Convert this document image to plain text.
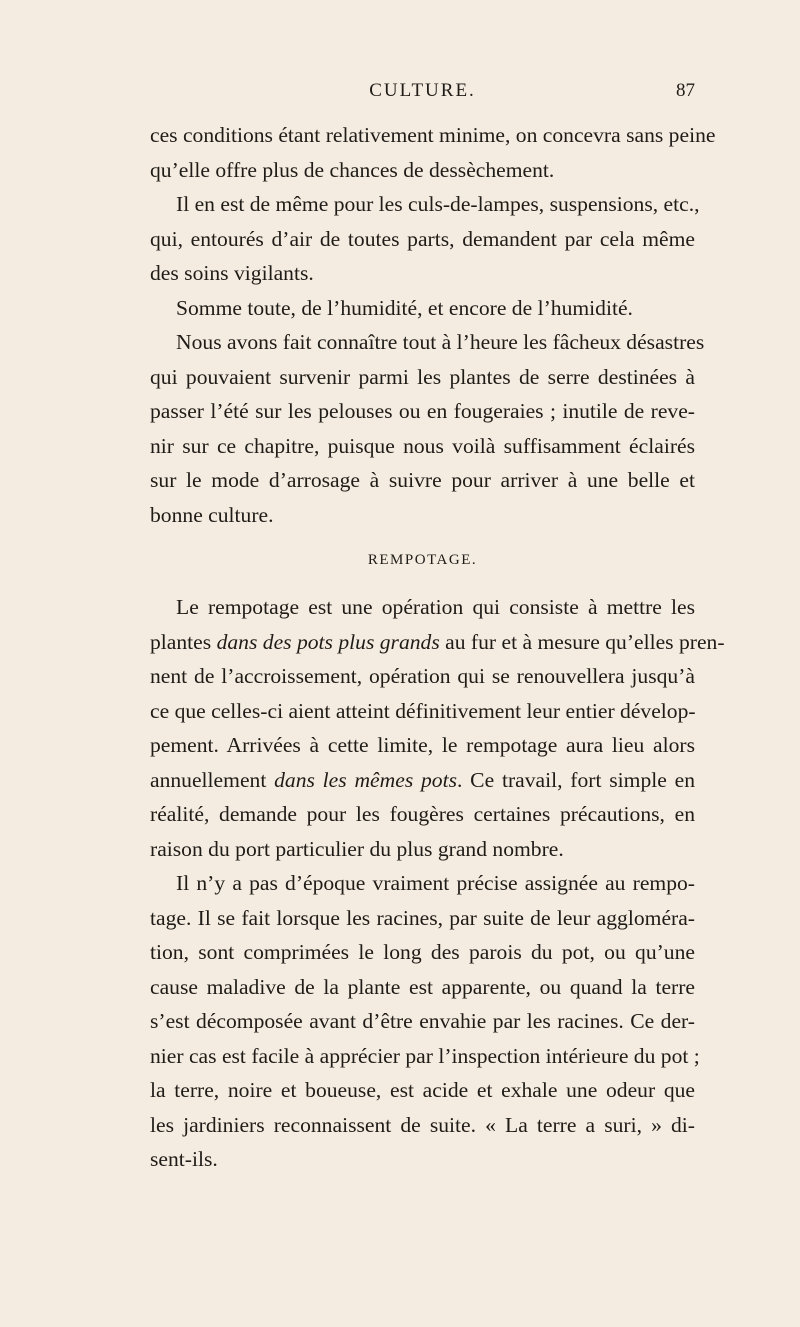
CULTURE.	87
ces conditions étant relativement minime, on concevra sans peine
qu’elle offre plus de chances de dessèchement.
Il en est de même pour les culs-de-lampes, suspensions, etc.,
qui, entourés d’air de toutes parts, demandent par cela même
des soins vigilants.
Somme toute, de l’humidité, et encore de l’humidité.
Nous avons fait connaître tout à l’heure les fâcheux désastres
qui pouvaient survenir parmi les plantes de serre destinées à
passer l’été sur les pelouses ou en fougeraies ; inutile de reve-
nir sur ce chapitre, puisque nous voilà suffisamment éclairés
sur le mode d’arrosage à suivre pour arriver à une belle et
bonne culture.
REMPOTAGE.
Le rempotage est une opération qui consiste à mettre les
plantes dans des pots plus grands au fur et à mesure qu’elles pren-
nent de l’accroissement, opération qui se renouvellera jusqu’à
ce que celles-ci aient atteint définitivement leur entier dévelop-
pement. Arrivées à cette limite, le rempotage aura lieu alors
annuellement dans les mêmes pots. Ce travail, fort simple en
réalité, demande pour les fougères certaines précautions, en
raison du port particulier du plus grand nombre.
Il n’y a pas d’époque vraiment précise assignée au rempo-
tage. Il se fait lorsque les racines, par suite de leur aggloméra-
tion, sont comprimées le long des parois du pot, ou qu’une
cause maladive de la plante est apparente, ou quand la terre
s’est décomposée avant d’être envahie par les racines. Ce der-
nier cas est facile à apprécier par l’inspection intérieure du pot ;
la terre, noire et boueuse, est acide et exhale une odeur que
les jardiniers reconnaissent de suite. « La terre a suri, » di-
sent-ils.
